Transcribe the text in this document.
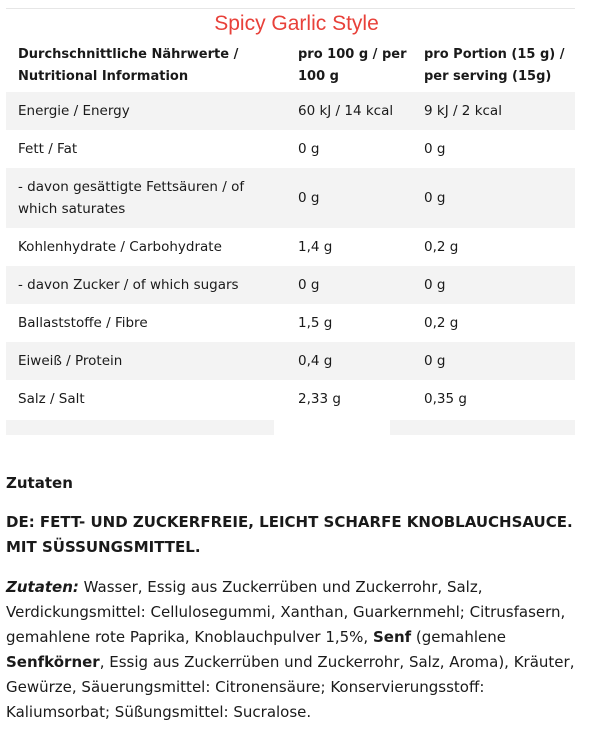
Spicy Garlic Style
Durchschnittliche Nährwerte / Nutritional Information	pro 100 g / per 100 g	pro Portion (15 g) / per serving (15g)
Energie / Energy	60 kJ / 14 kcal	9 kJ / 2 kcal
Fett / Fat	0 g	0 g
- davon gesättigte Fettsäuren / of which saturates	0 g	0 g
Kohlenhydrate / Carbohydrate	1,4 g	0,2 g
- davon Zucker / of which sugars	0 g	0 g
Ballaststoffe / Fibre	1,5 g	0,2 g
Eiweiß / Protein	0,4 g	0 g
Salz / Salt	2,33 g	0,35 g
Zutaten
DE: FETT- UND ZUCKERFREIE, LEICHT SCHARFE KNOBLAUCHSAUCE. MIT SÜSSUNGSMITTEL.
Zutaten: Wasser, Essig aus Zuckerrüben und Zuckerrohr, Salz, Verdickungsmittel: Cellulosegummi, Xanthan, Guarkernmehl; Citrusfasern, gemahlene rote Paprika, Knoblauchpulver 1,5%, Senf (gemahlene Senfkörner, Essig aus Zuckerrüben und Zuckerrohr, Salz, Aroma), Kräuter, Gewürze, Säuerungsmittel: Citronensäure; Konservierungsstoff: Kaliumsorbat; Süßungsmittel: Sucralose.
